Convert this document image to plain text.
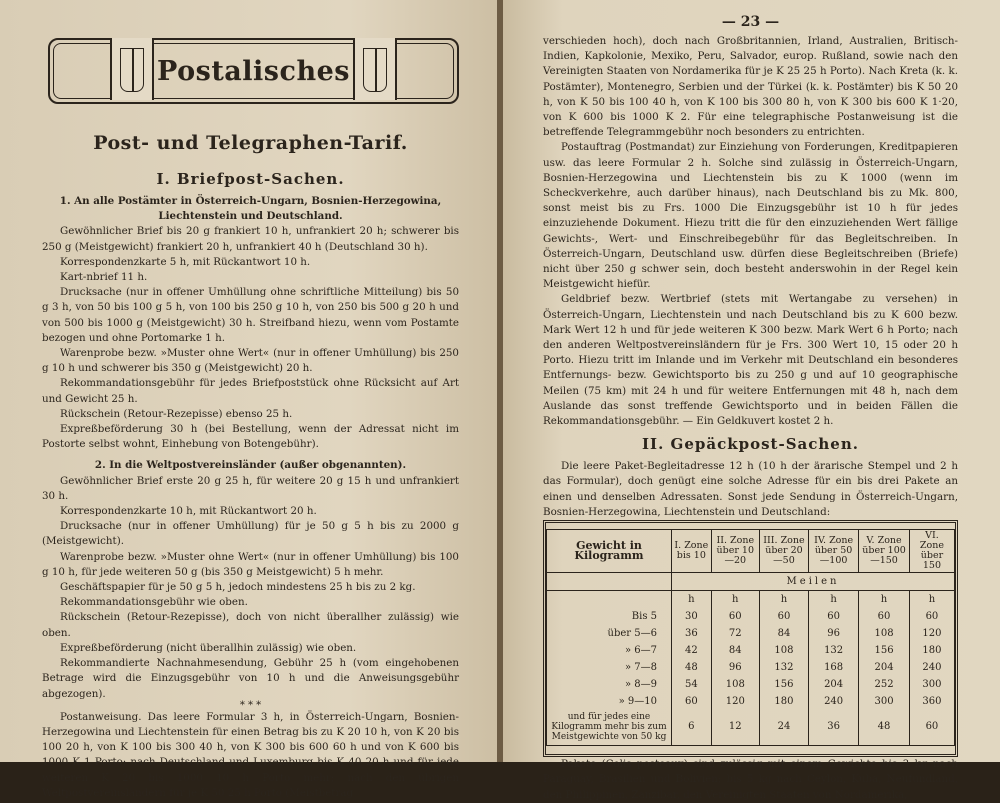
Postalisches
Post- und Telegraphen-Tarif.
I. Briefpost-Sachen.

1. An alle Postämter in Österreich-Ungarn, Bosnien-Herzegowina, Liechtenstein und Deutschland.

Gewöhnlicher Brief bis 20 g frankiert 10 h, unfrankiert 20 h; schwerer bis 250 g (Meistgewicht) frankiert 20 h, unfrankiert 40 h (Deutschland 30 h).

Korrespondenzkarte 5 h, mit Rückantwort 10 h.

Kart-nbrief 11 h.

Drucksache (nur in offener Umhüllung ohne schriftliche Mitteilung) bis 50 g 3 h, von 50 bis 100 g 5 h, von 100 bis 250 g 10 h, von 250 bis 500 g 20 h und von 500 bis 1000 g (Meistgewicht) 30 h. Streifband hiezu, wenn vom Postamte bezogen und ohne Portomarke 1 h.

Warenprobe bezw. »Muster ohne Wert« (nur in offener Umhüllung) bis 250 g 10 h und schwerer bis 350 g (Meistgewicht) 20 h.

Rekommandationsgebühr für jedes Briefpoststück ohne Rücksicht auf Art und Gewicht 25 h.

Rückschein (Retour-Rezepisse) ebenso 25 h.

Expreßbeförderung 30 h (bei Bestellung, wenn der Adressat nicht im Postorte selbst wohnt, Einhebung von Botengebühr).

2. In die Weltpostvereinsländer (außer obgenannten).

Gewöhnlicher Brief erste 20 g 25 h, für weitere 20 g 15 h und unfrankiert 30 h.

Korrespondenzkarte 10 h, mit Rückantwort 20 h.

Drucksache (nur in offener Umhüllung) für je 50 g 5 h bis zu 2000 g (Meistgewicht).

Warenprobe bezw. »Muster ohne Wert« (nur in offener Umhüllung) bis 100 g 10 h, für jede weiteren 50 g (bis 350 g Meistgewicht) 5 h mehr.

Geschäftspapier für je 50 g 5 h, jedoch mindestens 25 h bis zu 2 kg.

Rekommandationsgebühr wie oben.

Rückschein (Retour-Rezepisse), doch von nicht überallher zulässig) wie oben.

Expreßbeförderung (nicht überallhin zulässig) wie oben.

Rekommandierte Nachnahmesendung, Gebühr 25 h (vom eingehobenen Betrage wird die Einzugsgebühr von 10 h und die Anweisungsgebühr abgezogen).

* * *

Postanweisung. Das leere Formular 3 h, in Österreich-Ungarn, Bosnien-Herzegowina und Liechtenstein für einen Betrag bis zu K 20 10 h, von K 20 bis 100 20 h, von K 100 bis 300 40 h, von K 300 bis 600 60 h und von K 600 bis 1000 K 1 Porto; nach Deutschland und Luxemburg bis K 40 20 h und für jede weiteren K 20 bis 1000 10 h Porto mehr; nach den übrigen Weltpostvereinsländern für je K 50 25 h Porto (Meistbetrag

— 23 —

verschieden hoch), doch nach Großbritannien, Irland, Australien, Britisch-Indien, Kapkolonie, Mexiko, Peru, Salvador, europ. Rußland, sowie nach den Vereinigten Staaten von Nordamerika für je K 25 25 h Porto). Nach Kreta (k. k. Postämter), Montenegro, Serbien und der Türkei (k. k. Postämter) bis K 50 20 h, von K 50 bis 100 40 h, von K 100 bis 300 80 h, von K 300 bis 600 K 1·20, von K 600 bis 1000 K 2. Für eine telegraphische Postanweisung ist die betreffende Telegrammgebühr noch besonders zu entrichten.

Postauftrag (Postmandat) zur Einziehung von Forderungen, Kreditpapieren usw. das leere Formular 2 h. Solche sind zulässig in Österreich-Ungarn, Bosnien-Herzegowina und Liechtenstein bis zu K 1000 (wenn im Scheckverkehre, auch darüber hinaus), nach Deutschland bis zu Mk. 800, sonst meist bis zu Frs. 1000 Die Einzugsgebühr ist 10 h für jedes einzuziehende Dokument. Hiezu tritt die für den einzuziehenden Wert fällige Gewichts-, Wert- und Einschreibegebühr für das Begleitschreiben. In Österreich-Ungarn, Deutschland usw. dürfen diese Begleitschreiben (Briefe) nicht über 250 g schwer sein, doch besteht anderswohin in der Regel kein Meistgewicht hiefür.

Geldbrief bezw. Wertbrief (stets mit Wertangabe zu versehen) in Österreich-Ungarn, Liechtenstein und nach Deutschland bis zu K 600 bezw. Mark Wert 12 h und für jede weiteren K 300 bezw. Mark Wert 6 h Porto; nach den anderen Weltpostvereinsländern für je Frs. 300 Wert 10, 15 oder 20 h Porto. Hiezu tritt im Inlande und im Verkehr mit Deutschland ein besonderes Entfernungs- bezw. Gewichtsporto bis zu 250 g und auf 10 geographische Meilen (75 km) mit 24 h und für weitere Entfernungen mit 48 h, nach dem Auslande das sonst treffende Gewichtsporto und in beiden Fällen die Rekommandationsgebühr. — Ein Geldkuvert kostet 2 h.

II. Gepäckpost-Sachen.

Die leere Paket-Begleitadresse 12 h (10 h der ärarische Stempel und 2 h das Formular), doch genügt eine solche Adresse für ein bis drei Pakete an einen und denselben Adressaten. Sonst jede Sendung in Österreich-Ungarn, Bosnien-Herzegowina, Liechtenstein und Deutschland:

Gewicht in Kilogramm	I. Zone bis 10	II. Zone über 10—20	III. Zone über 20—50	IV. Zone über 50—100	V. Zone über 100—150	VI. Zone über 150
	Meilen					
	h	h	h	h	h	h
Bis 5	30	60	60	60	60	60
über 5—6	36	72	84	96	108	120
» 6—7	42	84	108	132	156	180
» 7—8	48	96	132	168	204	240
» 8—9	54	108	156	204	252	300
» 9—10	60	120	180	240	300	360
und für jedes eine Kilogramm mehr bis zum Meistgewichte von 50 kg	6	12	24	36	48	60

Pakete (Colis posteaux) sind zulässig mit einem Gewichte bis 3 kg nach Paraguay, Brasilien und Bolivien; bis 5 kg nach Ceylon, Kuba, Neufundland, den Philippinen, Zanzibar, den Vereinigten Staaten von Nordamerika,
